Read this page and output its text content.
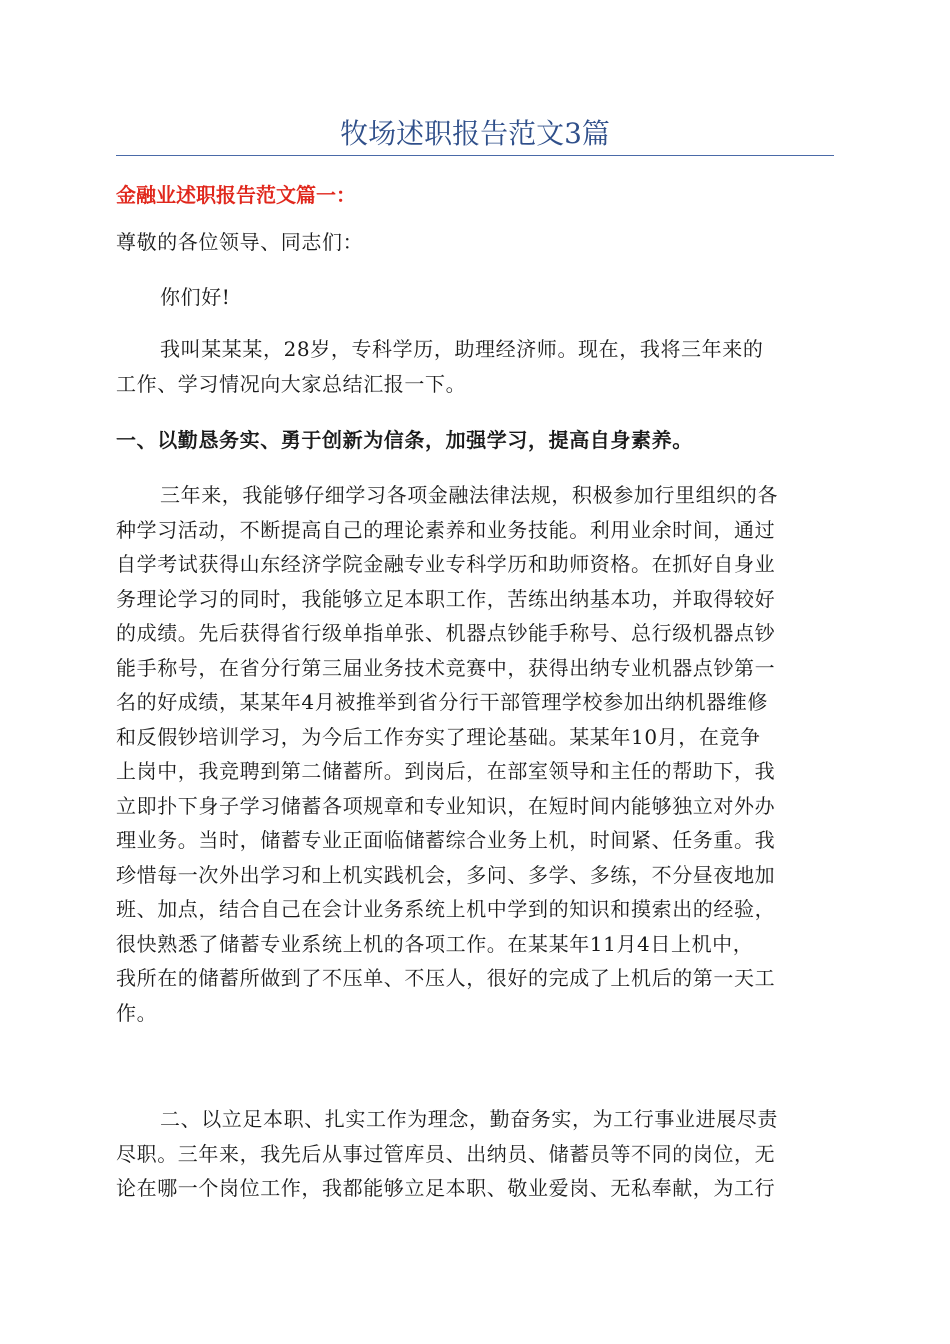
牧场述职报告范文3篇
金融业述职报告范文篇一：

尊敬的各位领导、同志们：

你们好!

我叫某某某，28岁，专科学历，助理经济师。现在，我将三年来的
工作、学习情况向大家总结汇报一下。

一、以勤恳务实、勇于创新为信条，加强学习，提高自身素养。

三年来，我能够仔细学习各项金融法律法规，积极参加行里组织的各
种学习活动，不断提高自己的理论素养和业务技能。利用业余时间，通过
自学考试获得山东经济学院金融专业专科学历和助师资格。在抓好自身业
务理论学习的同时，我能够立足本职工作，苦练出纳基本功，并取得较好
的成绩。先后获得省行级单指单张、机器点钞能手称号、总行级机器点钞
能手称号，在省分行第三届业务技术竞赛中，获得出纳专业机器点钞第一
名的好成绩，某某年4月被推举到省分行干部管理学校参加出纳机器维修
和反假钞培训学习，为今后工作夯实了理论基础。某某年10月，在竞争
上岗中，我竞聘到第二储蓄所。到岗后，在部室领导和主任的帮助下，我
立即扑下身子学习储蓄各项规章和专业知识，在短时间内能够独立对外办
理业务。当时，储蓄专业正面临储蓄综合业务上机，时间紧、任务重。我
珍惜每一次外出学习和上机实践机会，多问、多学、多练，不分昼夜地加
班、加点，结合自己在会计业务系统上机中学到的知识和摸索出的经验，
很快熟悉了储蓄专业系统上机的各项工作。在某某年11月4日上机中，
我所在的储蓄所做到了不压单、不压人，很好的完成了上机后的第一天工
作。
二、以立足本职、扎实工作为理念，勤奋务实，为工行事业进展尽责
尽职。三年来，我先后从事过管库员、出纳员、储蓄员等不同的岗位，无
论在哪一个岗位工作，我都能够立足本职、敬业爱岗、无私奉献，为工行
